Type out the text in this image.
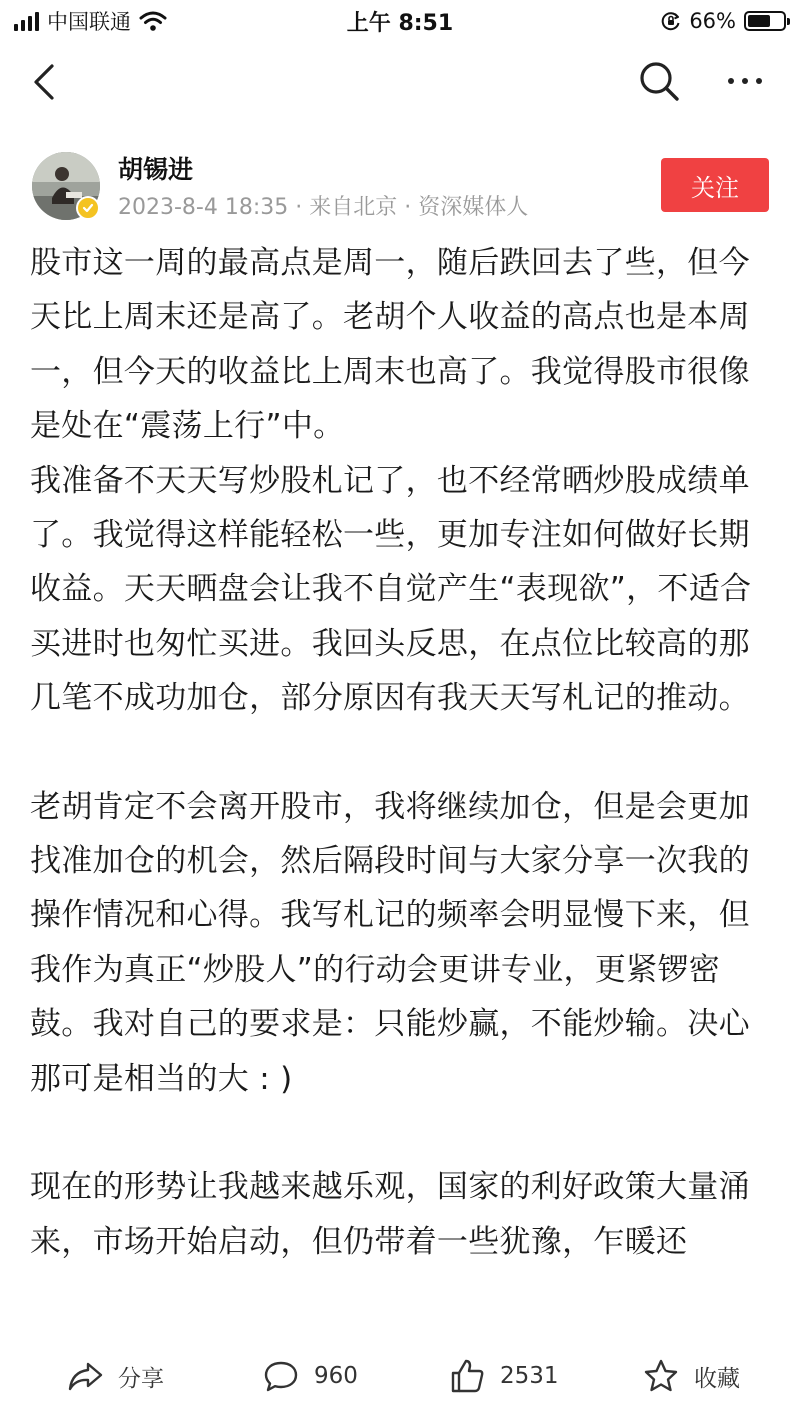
中国联通	上午 8:51	66%
胡锡进
2023-8-4 18:35 · 来自北京 · 资深媒体人
关注

股市这一周的最高点是周一，随后跌回去了些，但今天比上周末还是高了。老胡个人收益的高点也是本周一，但今天的收益比上周末也高了。我觉得股市很像是处在“震荡上行”中。

我准备不天天写炒股札记了，也不经常晒炒股成绩单了。我觉得这样能轻松一些，更加专注如何做好长期收益。天天晒盘会让我不自觉产生“表现欲”，不适合买进时也匆忙买进。我回头反思，在点位比较高的那几笔不成功加仓，部分原因有我天天写札记的推动。

老胡肯定不会离开股市，我将继续加仓，但是会更加找准加仓的机会，然后隔段时间与大家分享一次我的操作情况和心得。我写札记的频率会明显慢下来，但我作为真正“炒股人”的行动会更讲专业，更紧锣密鼓。我对自己的要求是：只能炒赢，不能炒输。决心那可是相当的大 : )

现在的形势让我越来越乐观，国家的利好政策大量涌来，市场开始启动，但仍带着一些犹豫，乍暖还

分享	960	2531	收藏
